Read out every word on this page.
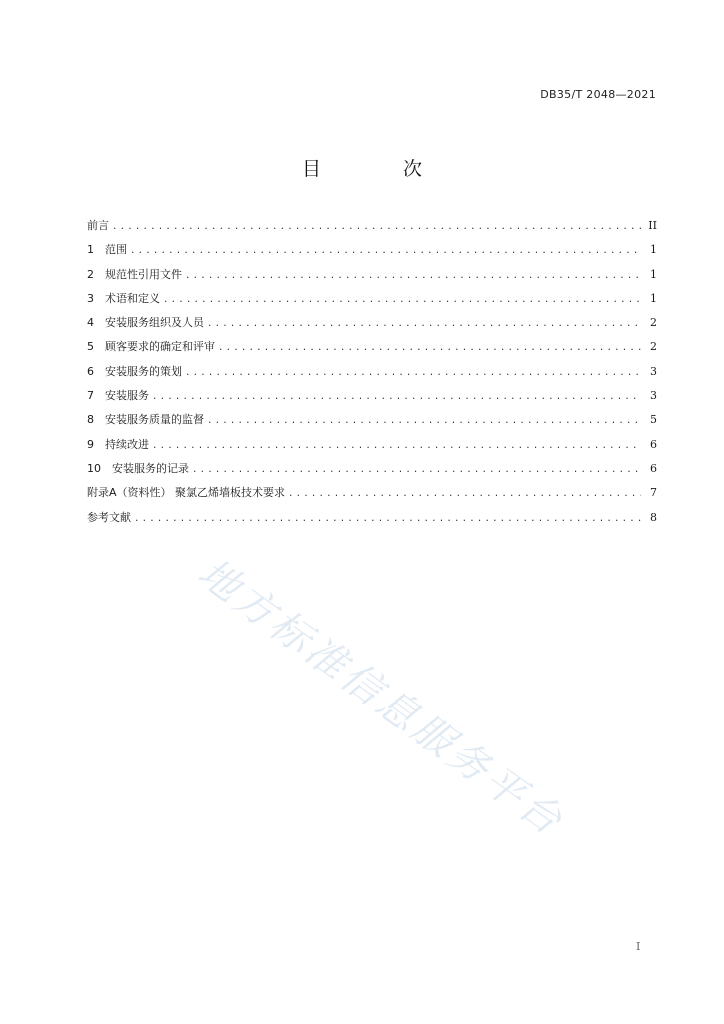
DB35/T 2048—2021
目 次
前言 .....	II
1 范围 .....	1
2 规范性引用文件 .....	1
3 术语和定义 .....	1
4 安装服务组织及人员 .....	2
5 顾客要求的确定和评审 .....	2
6 安装服务的策划 .....	3
7 安装服务 .....	3
8 安装服务质量的监督 .....	5
9 持续改进 .....	6
10 安装服务的记录 .....	6
附录A（资料性） 聚氯乙烯墙板技术要求 .....	7
参考文献 .....	8
地方标准信息服务平台
I
